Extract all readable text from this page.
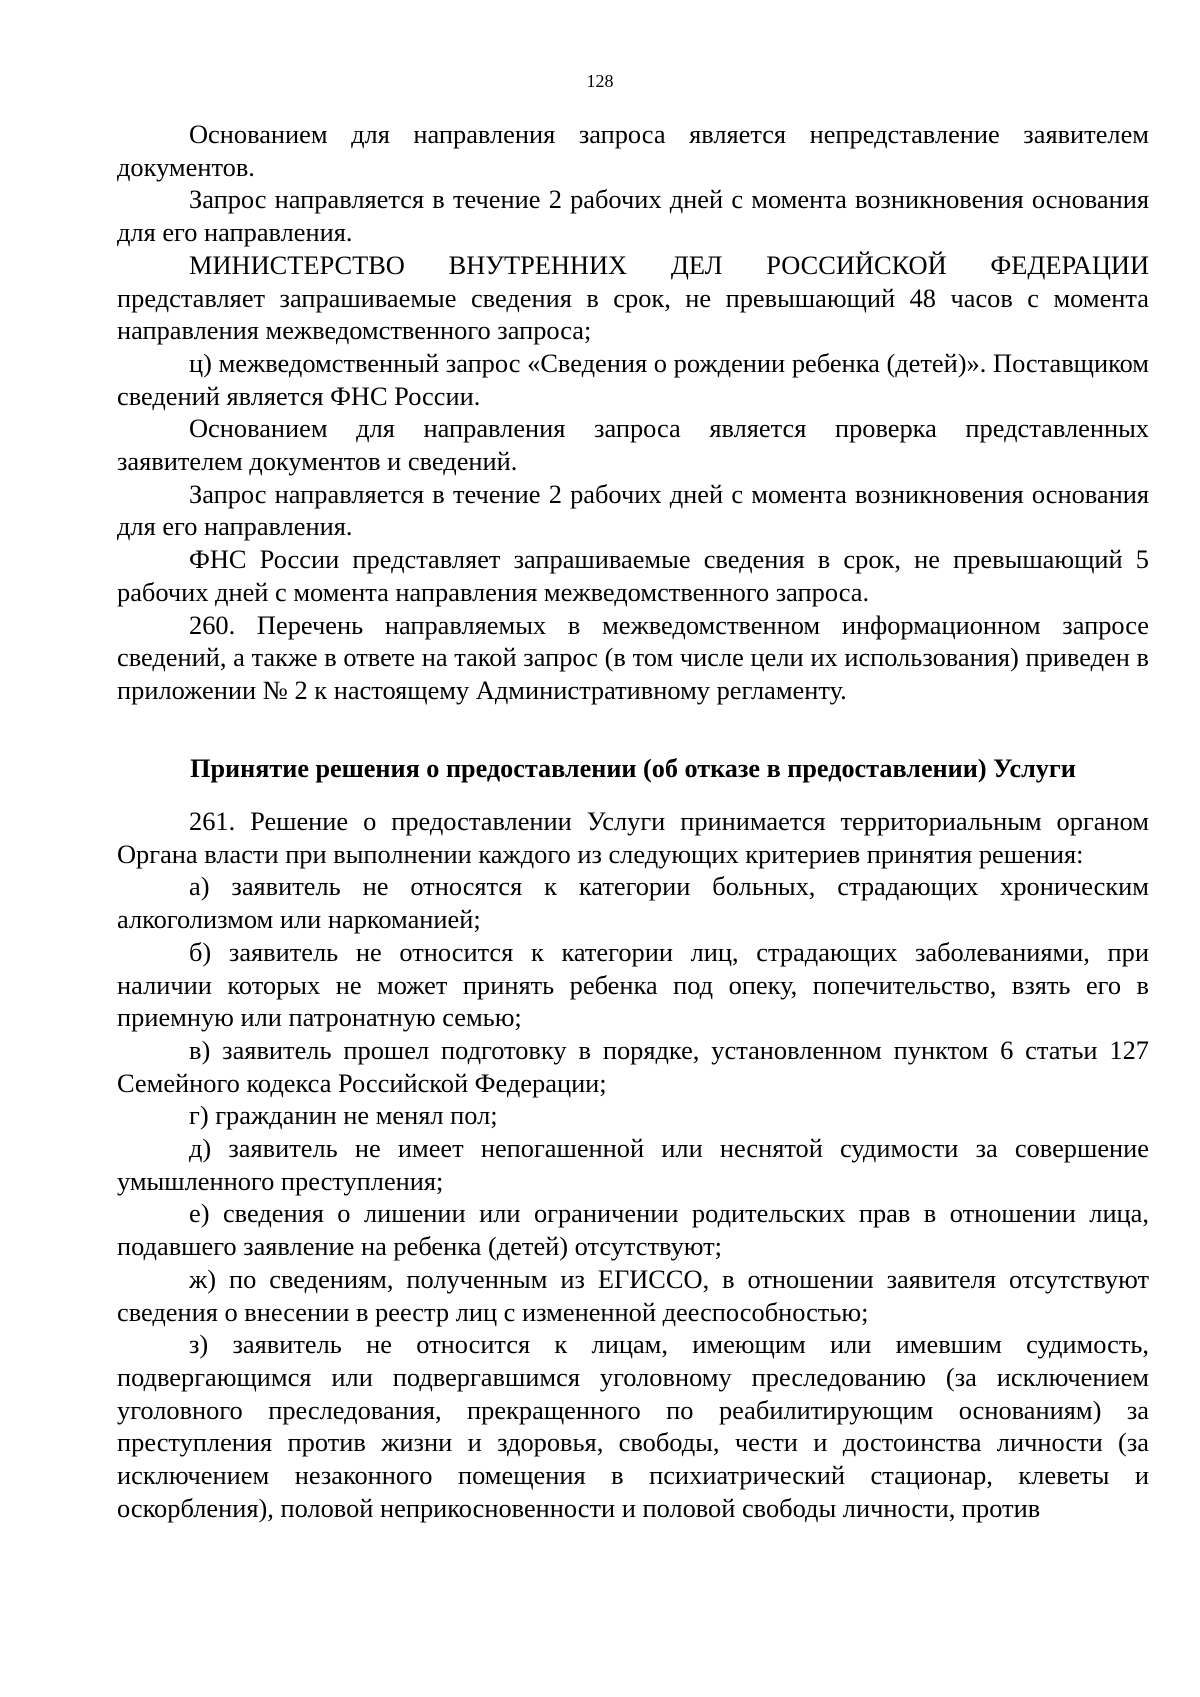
128

Основанием для направления запроса является непредставление заявителем документов.

Запрос направляется в течение 2 рабочих дней с момента возникновения основания для его направления.

МИНИСТЕРСТВО ВНУТРЕННИХ ДЕЛ РОССИЙСКОЙ ФЕДЕРАЦИИ представляет запрашиваемые сведения в срок, не превышающий 48 часов с момента направления межведомственного запроса;

ц) межведомственный запрос «Сведения о рождении ребенка (детей)». Поставщиком сведений является ФНС России.

Основанием для направления запроса является проверка представленных заявителем документов и сведений.

Запрос направляется в течение 2 рабочих дней с момента возникновения основания для его направления.

ФНС России представляет запрашиваемые сведения в срок, не превышающий 5 рабочих дней с момента направления межведомственного запроса.

260. Перечень направляемых в межведомственном информационном запросе сведений, а также в ответе на такой запрос (в том числе цели их использования) приведен в приложении № 2 к настоящему Административному регламенту.

Принятие решения о предоставлении (об отказе в предоставлении) Услуги

261. Решение о предоставлении Услуги принимается территориальным органом Органа власти при выполнении каждого из следующих критериев принятия решения:

а) заявитель не относятся к категории больных, страдающих хроническим алкоголизмом или наркоманией;

б) заявитель не относится к категории лиц, страдающих заболеваниями, при наличии которых не может принять ребенка под опеку, попечительство, взять его в приемную или патронатную семью;

в) заявитель прошел подготовку в порядке, установленном пунктом 6 статьи 127 Семейного кодекса Российской Федерации;

г) гражданин не менял пол;

д) заявитель не имеет непогашенной или неснятой судимости за совершение умышленного преступления;

е) сведения о лишении или ограничении родительских прав в отношении лица, подавшего заявление на ребенка (детей) отсутствуют;

ж) по сведениям, полученным из ЕГИССО, в отношении заявителя отсутствуют сведения о внесении в реестр лиц с измененной дееспособностью;

з) заявитель не относится к лицам, имеющим или имевшим судимость, подвергающимся или подвергавшимся уголовному преследованию (за исключением уголовного преследования, прекращенного по реабилитирующим основаниям) за преступления против жизни и здоровья, свободы, чести и достоинства личности (за исключением незаконного помещения в психиатрический стационар, клеветы и оскорбления), половой неприкосновенности и половой свободы личности, против
